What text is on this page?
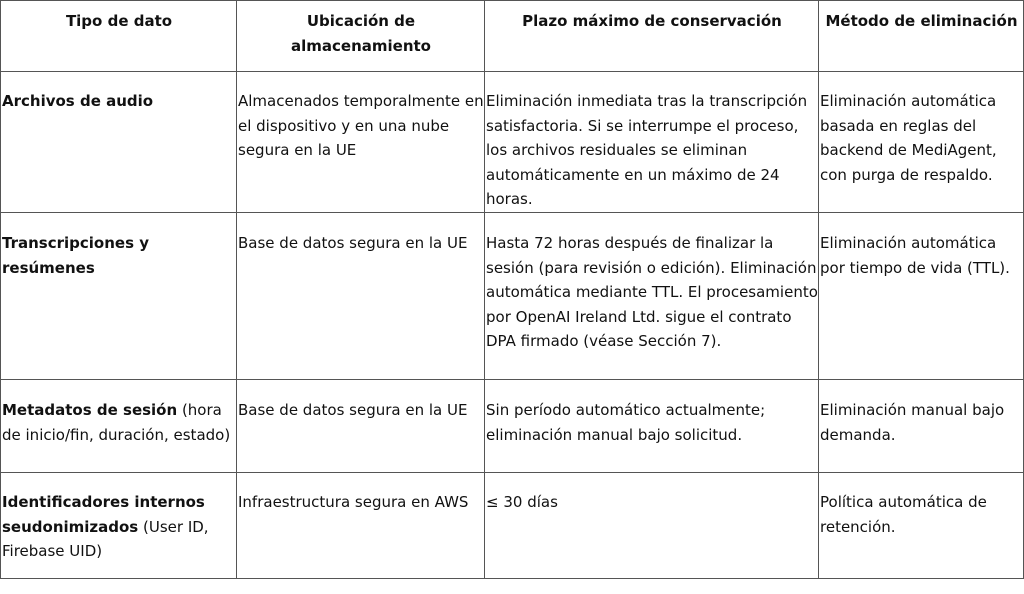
Tipo de dato	Ubicación de almacenamiento	Plazo máximo de conservación	Método de eliminación
Archivos de audio	Almacenados temporalmente en el dispositivo y en una nube segura en la UE	Eliminación inmediata tras la transcripción satisfactoria. Si se interrumpe el proceso, los archivos residuales se eliminan automáticamente en un máximo de 24 horas.	Eliminación automática basada en reglas del backend de MediAgent, con purga de respaldo.
Transcripciones y resúmenes	Base de datos segura en la UE	Hasta 72 horas después de finalizar la sesión (para revisión o edición). Eliminación automática mediante TTL. El procesamiento por OpenAI Ireland Ltd. sigue el contrato DPA firmado (véase Sección 7).	Eliminación automática por tiempo de vida (TTL).
Metadatos de sesión (hora de inicio/fin, duración, estado)	Base de datos segura en la UE	Sin período automático actualmente; eliminación manual bajo solicitud.	Eliminación manual bajo demanda.
Identificadores internos seudonimizados (User ID, Firebase UID)	Infraestructura segura en AWS	≤ 30 días	Política automática de retención.
